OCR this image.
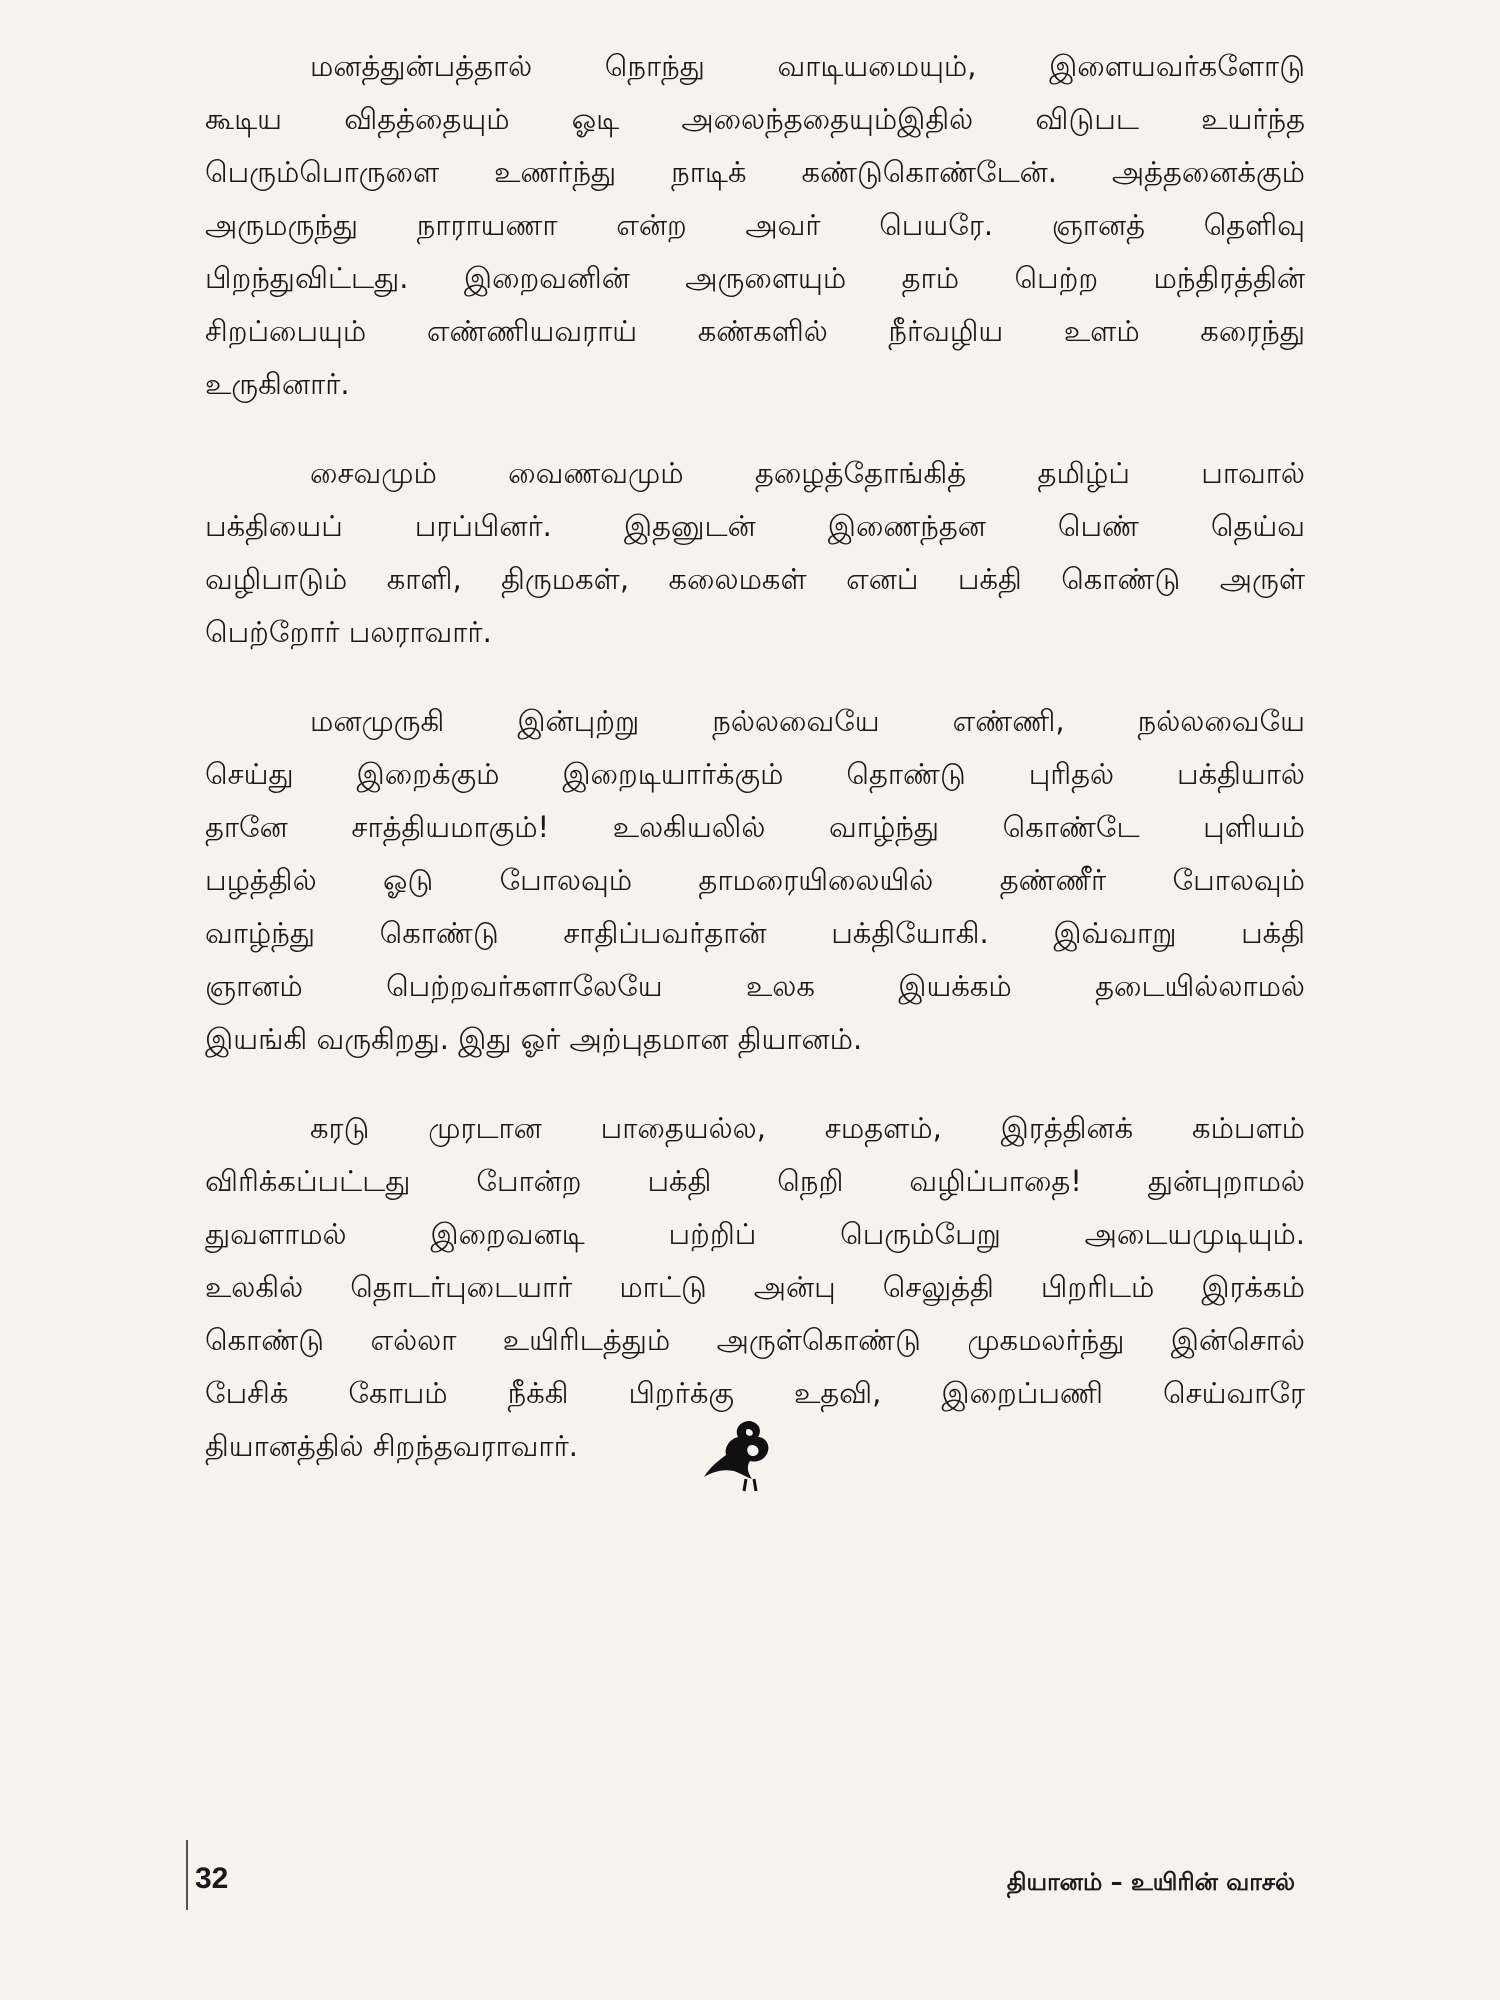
மனத்துன்பத்தால் நொந்து வாடியமையும், இளையவர்களோடு
கூடிய விதத்தையும் ஓடி அலைந்ததையும்இதில் விடுபட உயர்ந்த
பெரும்பொருளை உணர்ந்து நாடிக் கண்டுகொண்டேன். அத்தனைக்கும்
அருமருந்து நாராயணா என்ற அவர் பெயரே. ஞானத் தெளிவு
பிறந்துவிட்டது. இறைவனின் அருளையும் தாம் பெற்ற மந்திரத்தின்
சிறப்பையும் எண்ணியவராய் கண்களில் நீர்வழிய உளம் கரைந்து
உருகினார்.

சைவமும் வைணவமும் தழைத்தோங்கித் தமிழ்ப் பாவால்
பக்தியைப் பரப்பினர். இதனுடன் இணைந்தன பெண் தெய்வ
வழிபாடும் காளி, திருமகள், கலைமகள் எனப் பக்தி கொண்டு அருள்
பெற்றோர் பலராவார்.

மனமுருகி இன்புற்று நல்லவையே எண்ணி, நல்லவையே
செய்து இறைக்கும் இறைடியார்க்கும் தொண்டு புரிதல் பக்தியால்
தானே சாத்தியமாகும்! உலகியலில் வாழ்ந்து கொண்டே புளியம்
பழத்தில் ஓடு போலவும் தாமரையிலையில் தண்ணீர் போலவும்
வாழ்ந்து கொண்டு சாதிப்பவர்தான் பக்தியோகி. இவ்வாறு பக்தி
ஞானம் பெற்றவர்களாலேயே உலக இயக்கம் தடையில்லாமல்
இயங்கி வருகிறது. இது ஓர் அற்புதமான தியானம்.

கரடு முரடான பாதையல்ல, சமதளம், இரத்தினக் கம்பளம்
விரிக்கப்பட்டது போன்ற பக்தி நெறி வழிப்பாதை! துன்புறாமல்
துவளாமல் இறைவனடி பற்றிப் பெரும்பேறு அடையமுடியும்.
உலகில் தொடர்புடையார் மாட்டு அன்பு செலுத்தி பிறரிடம் இரக்கம்
கொண்டு எல்லா உயிரிடத்தும் அருள்கொண்டு முகமலர்ந்து இன்சொல்
பேசிக் கோபம் நீக்கி பிறர்க்கு உதவி, இறைப்பணி செய்வாரே
தியானத்தில் சிறந்தவராவார்.

32	தியானம் – உயிரின் வாசல்
